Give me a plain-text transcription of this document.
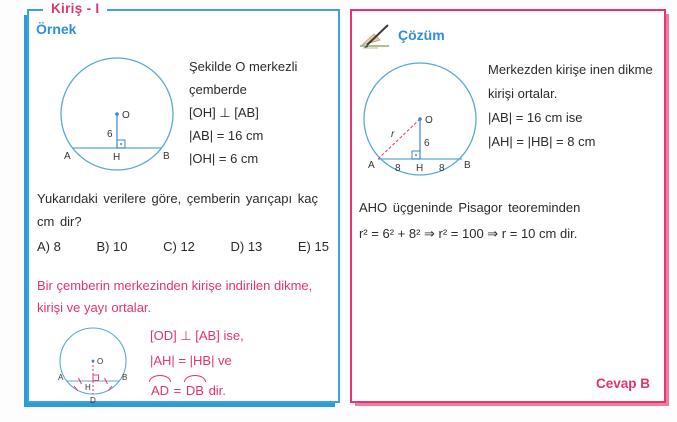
Kiriş - I
Örnek
O
6
A	H	B
Şekilde O merkezli
çemberde
[OH] ⊥ [AB]
|AB| = 16 cm
|OH| = 6 cm
Yukarıdaki verilere göre, çemberin yarıçapı kaç
cm dir?
A) 8	B) 10	C) 12	D) 13	E) 15
Bir çemberin merkezinden kirişe indirilen dikme,
kirişi ve yayı ortalar.
O
A
H
B
D
[OD] ⊥ [AB] ise,
|AH| = |HB| ve
AD = DB dir.
Çözüm
O
6
r
A 8 H 8 B
Merkezden kirişe inen dikme
kirişi ortalar.
|AB| = 16 cm ise
|AH| = |HB| = 8 cm
AHO üçgeninde Pisagor teoreminden
r² = 6² + 8² ⇒ r² = 100 ⇒ r = 10 cm dir.
Cevap B
